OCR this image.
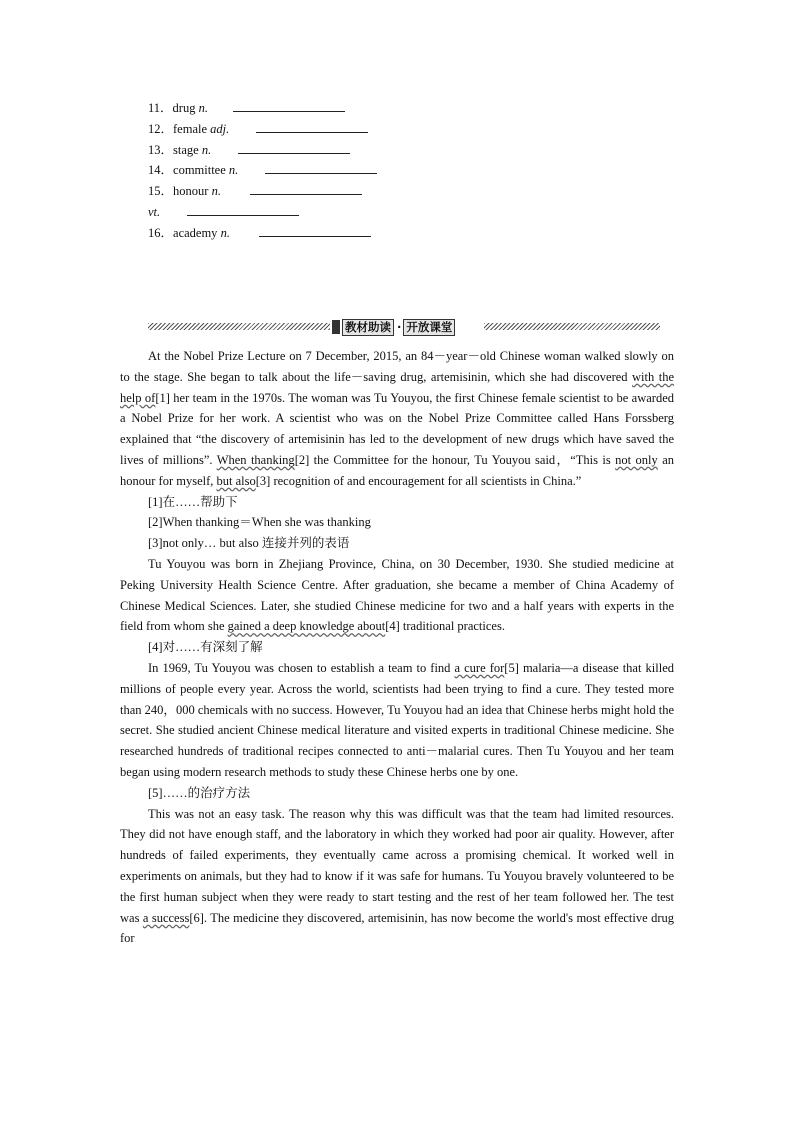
11．drug n.
12．female adj.
13．stage n.
14．committee n.
15．honour n.
vt.
16．academy n.
教材助读 · 开放课堂

At the Nobel Prize Lecture on 7 December, 2015, an 84－year－old Chinese woman walked slowly on to the stage. She began to talk about the life－saving drug, artemisinin, which she had discovered with the help of[1] her team in the 1970s. The woman was Tu Youyou, the first Chinese female scientist to be awarded a Nobel Prize for her work. A scientist who was on the Nobel Prize Committee called Hans Forssberg explained that “the discovery of artemisinin has led to the development of new drugs which have saved the lives of millions”. When thanking[2] the Committee for the honour, Tu Youyou said，“This is not only an honour for myself, but also[3] recognition of and encouragement for all scientists in China.”

[1]在……帮助下

[2]When thanking＝When she was thanking

[3]not only… but also 连接并列的表语

Tu Youyou was born in Zhejiang Province, China, on 30 December, 1930. She studied medicine at Peking University Health Science Centre. After graduation, she became a member of China Academy of Chinese Medical Sciences. Later, she studied Chinese medicine for two and a half years with experts in the field from whom she gained a deep knowledge about[4] traditional practices.

[4]对……有深刻了解

In 1969, Tu Youyou was chosen to establish a team to find a cure for[5] malaria—a disease that killed millions of people every year. Across the world, scientists had been trying to find a cure. They tested more than 240，000 chemicals with no success. However, Tu Youyou had an idea that Chinese herbs might hold the secret. She studied ancient Chinese medical literature and visited experts in traditional Chinese medicine. She researched hundreds of traditional recipes connected to anti－malarial cures. Then Tu Youyou and her team began using modern research methods to study these Chinese herbs one by one.

[5]……的治疗方法

This was not an easy task. The reason why this was difficult was that the team had limited resources. They did not have enough staff, and the laboratory in which they worked had poor air quality. However, after hundreds of failed experiments, they eventually came across a promising chemical. It worked well in experiments on animals, but they had to know if it was safe for humans. Tu Youyou bravely volunteered to be the first human subject when they were ready to start testing and the rest of her team followed her. The test was a success[6]. The medicine they discovered, artemisinin, has now become the world's most effective drug for
